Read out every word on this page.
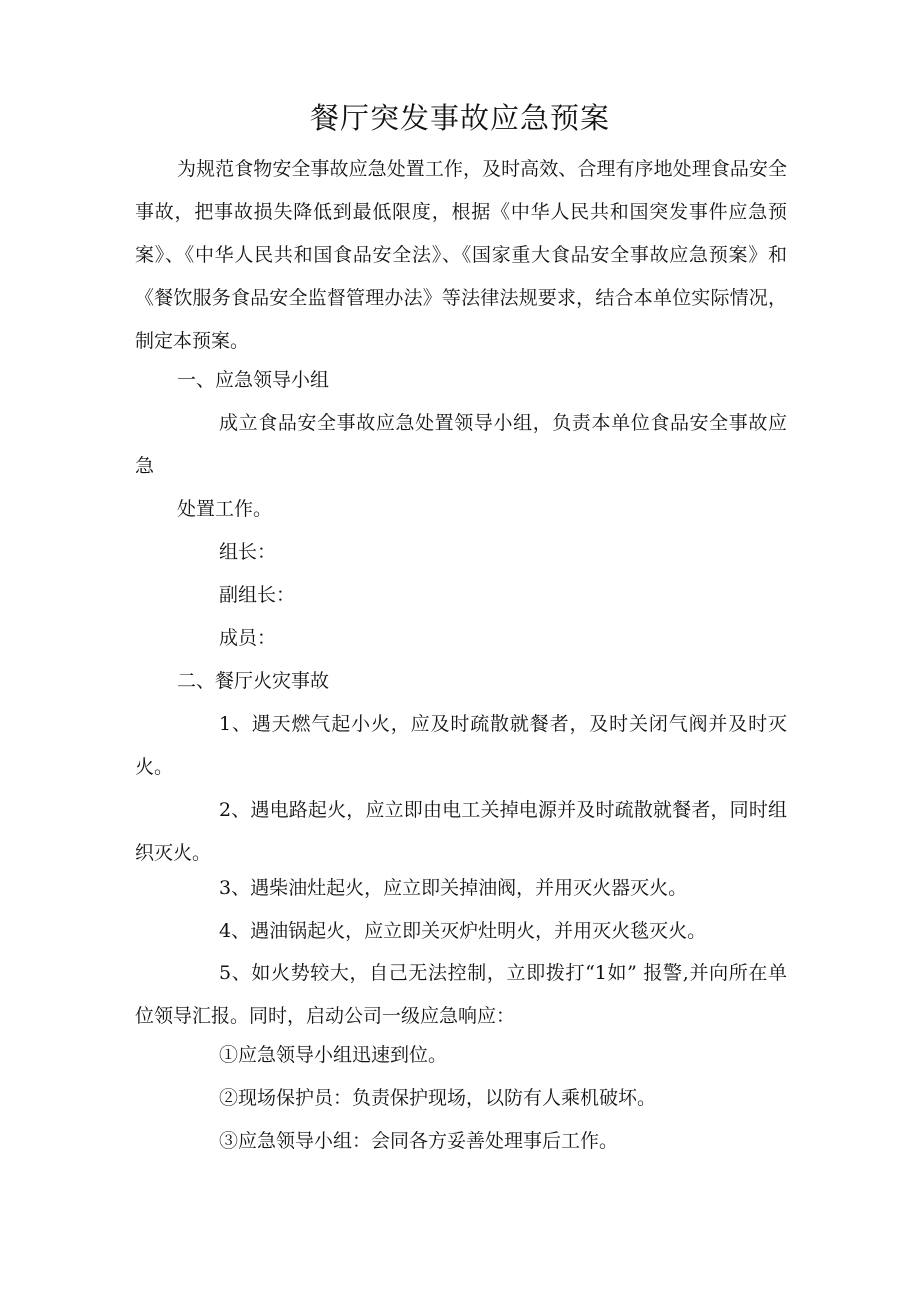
餐厅突发事故应急预案
为规范食物安全事故应急处置工作，及时高效、合理有序地处理食品安全事故，把事故损失降低到最低限度，根据《中华人民共和国突发事件应急预案》、《中华人民共和国食品安全法》、《国家重大食品安全事故应急预案》和《餐饮服务食品安全监督管理办法》等法律法规要求，结合本单位实际情况，制定本预案。
一、应急领导小组
成立食品安全事故应急处置领导小组，负责本单位食品安全事故应急
处置工作。
组长：
副组长：
成员：
二、餐厅火灾事故
1、遇天燃气起小火，应及时疏散就餐者，及时关闭气阀并及时灭火。
2、遇电路起火，应立即由电工关掉电源并及时疏散就餐者，同时组织灭火。
3、遇柴油灶起火，应立即关掉油阀，并用灭火器灭火。
4、遇油锅起火，应立即关灭炉灶明火，并用灭火毯灭火。
5、如火势较大，自己无法控制，立即拨打“1如” 报警,并向所在单位领导汇报。同时，启动公司一级应急响应：
①应急领导小组迅速到位。
②现场保护员：负责保护现场，以防有人乘机破坏。
③应急领导小组：会同各方妥善处理事后工作。
